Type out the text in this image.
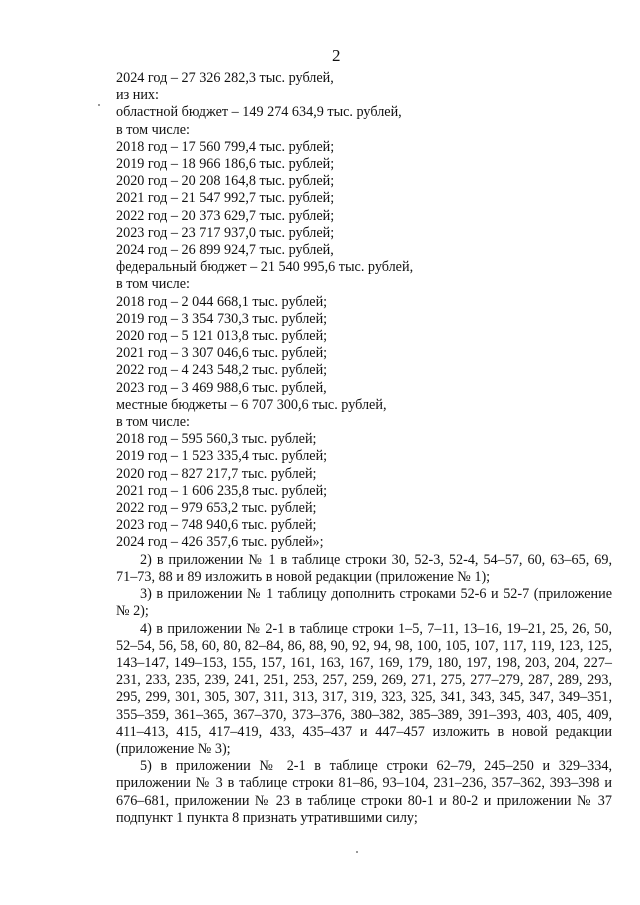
2
2024 год – 27 326 282,3 тыс. рублей,
из них:
областной бюджет – 149 274 634,9 тыс. рублей,
в том числе:
2018 год – 17 560 799,4 тыс. рублей;
2019 год – 18 966 186,6 тыс. рублей;
2020 год – 20 208 164,8 тыс. рублей;
2021 год – 21 547 992,7 тыс. рублей;
2022 год – 20 373 629,7 тыс. рублей;
2023 год – 23 717 937,0 тыс. рублей;
2024 год – 26 899 924,7 тыс. рублей,
федеральный бюджет – 21 540 995,6 тыс. рублей,
в том числе:
2018 год – 2 044 668,1 тыс. рублей;
2019 год – 3 354 730,3 тыс. рублей;
2020 год – 5 121 013,8 тыс. рублей;
2021 год – 3 307 046,6 тыс. рублей;
2022 год – 4 243 548,2 тыс. рублей;
2023 год – 3 469 988,6 тыс. рублей,
местные бюджеты – 6 707 300,6 тыс. рублей,
в том числе:
2018 год – 595 560,3 тыс. рублей;
2019 год – 1 523 335,4 тыс. рублей;
2020 год – 827 217,7 тыс. рублей;
2021 год – 1 606 235,8 тыс. рублей;
2022 год – 979 653,2 тыс. рублей;
2023 год – 748 940,6 тыс. рублей;
2024 год – 426 357,6 тыс. рублей»;

2) в приложении № 1 в таблице строки 30, 52-3, 52-4, 54–57, 60, 63–65, 69, 71–73, 88 и 89 изложить в новой редакции (приложение № 1);

3) в приложении № 1 таблицу дополнить строками 52-6 и 52-7 (приложение № 2);

4) в приложении № 2-1 в таблице строки 1–5, 7–11, 13–16, 19–21, 25, 26, 50, 52–54, 56, 58, 60, 80, 82–84, 86, 88, 90, 92, 94, 98, 100, 105, 107, 117, 119, 123, 125, 143–147, 149–153, 155, 157, 161, 163, 167, 169, 179, 180, 197, 198, 203, 204, 227–231, 233, 235, 239, 241, 251, 253, 257, 259, 269, 271, 275, 277–279, 287, 289, 293, 295, 299, 301, 305, 307, 311, 313, 317, 319, 323, 325, 341, 343, 345, 347, 349–351, 355–359, 361–365, 367–370, 373–376, 380–382, 385–389, 391–393, 403, 405, 409, 411–413, 415, 417–419, 433, 435–437 и 447–457 изложить в новой редакции (приложение № 3);

5) в приложении № 2-1 в таблице строки 62–79, 245–250 и 329–334, приложении № 3 в таблице строки 81–86, 93–104, 231–236, 357–362, 393–398 и 676–681, приложении № 23 в таблице строки 80-1 и 80-2 и приложении № 37 подпункт 1 пункта 8 признать утратившими силу;
